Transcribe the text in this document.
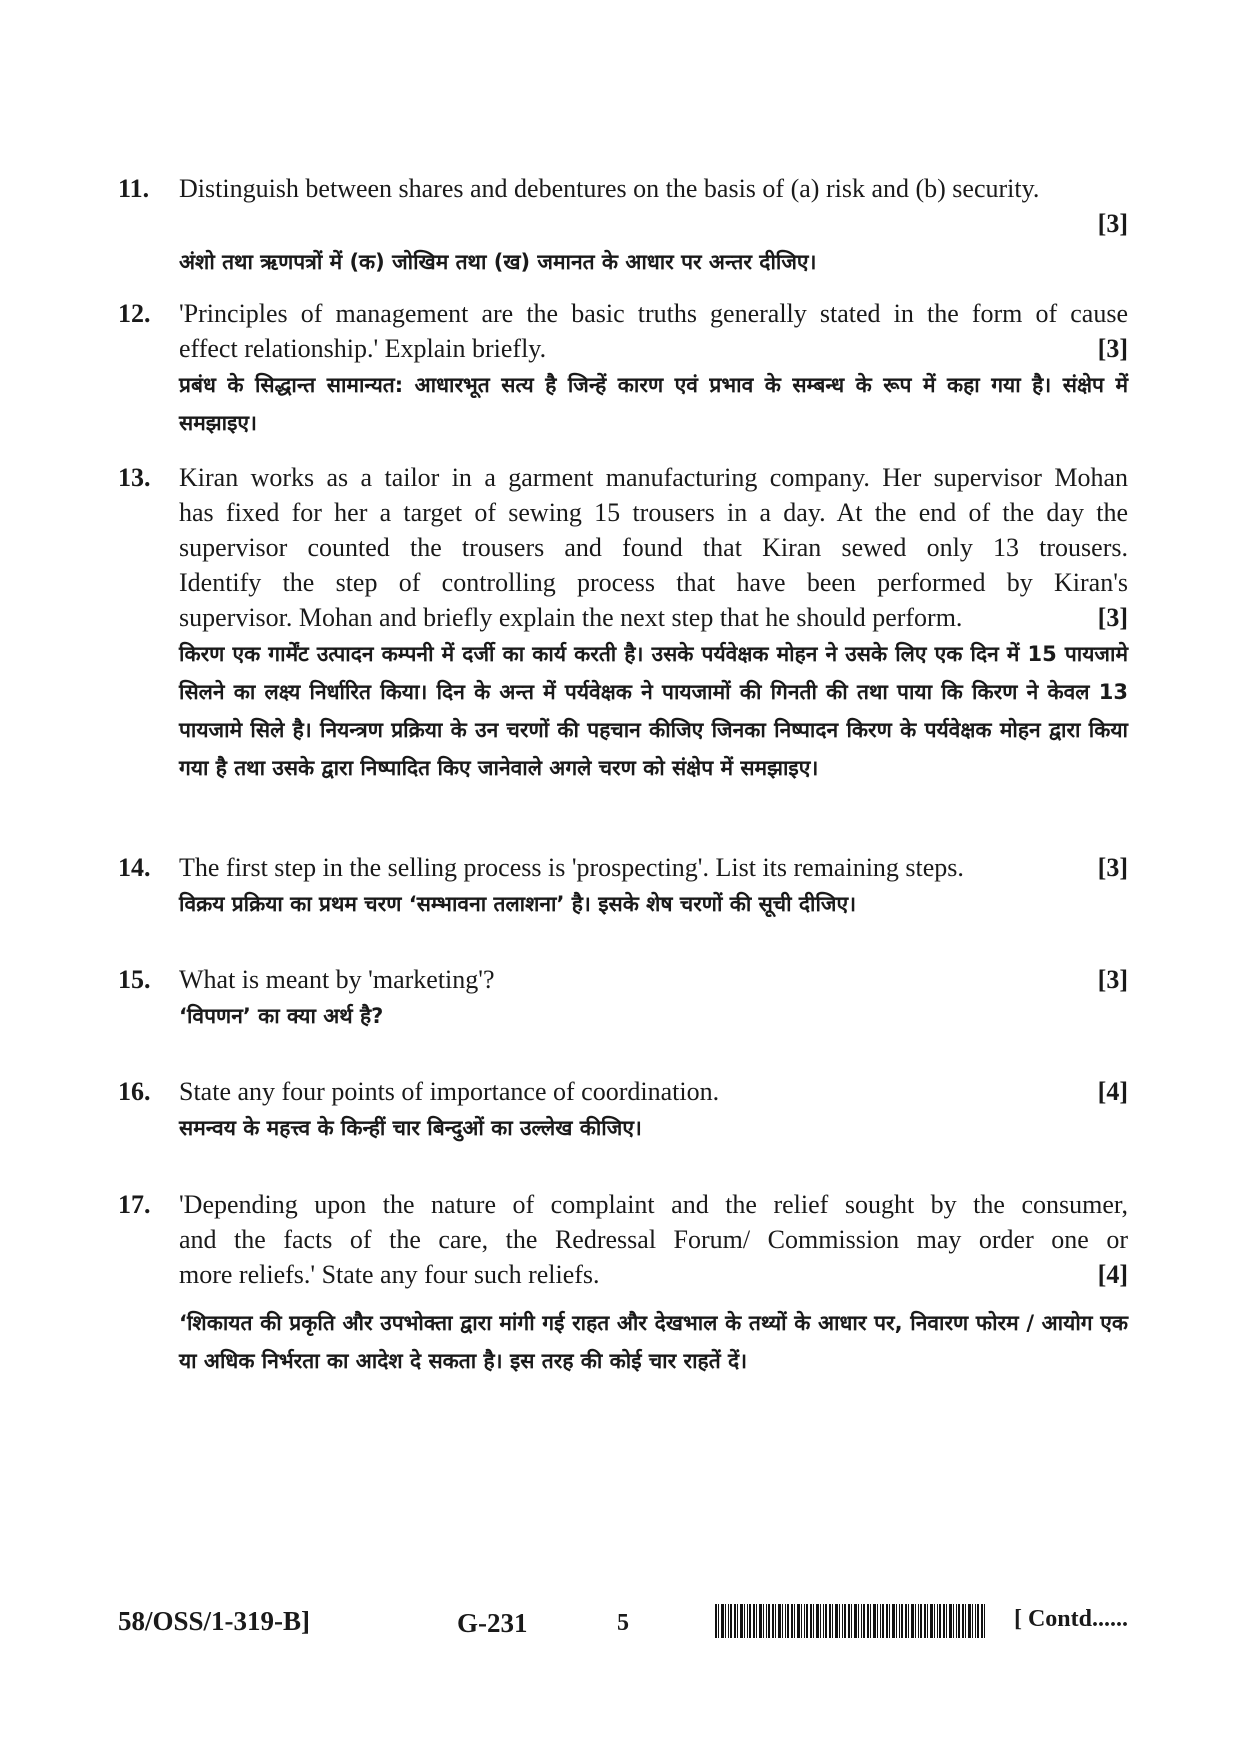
11. Distinguish between shares and debentures on the basis of (a) risk and (b) security.
[3]
अंशो तथा ऋणपत्रों में (क) जोखिम तथा (ख) जमानत के आधार पर अन्तर दीजिए।
12. 'Principles of management are the basic truths generally stated in the form of cause
effect relationship.' Explain briefly.	[3]
प्रबंध के सिद्धान्त सामान्यत: आधारभूत सत्य है जिन्हें कारण एवं प्रभाव के सम्बन्ध के रूप में कहा गया है। संक्षेप में समझाइए।
13. Kiran works as a tailor in a garment manufacturing company. Her supervisor Mohan
has fixed for her a target of sewing 15 trousers in a day. At the end of the day the
supervisor counted the trousers and found that Kiran sewed only 13 trousers.
Identify the step of controlling process that have been performed by Kiran's
supervisor. Mohan and briefly explain the next step that he should perform.	[3]
किरण एक गार्मेंट उत्पादन कम्पनी में दर्जी का कार्य करती है। उसके पर्यवेक्षक मोहन ने उसके लिए एक दिन में 15 पायजामे सिलने का लक्ष्य निर्धारित किया। दिन के अन्त में पर्यवेक्षक ने पायजामों की गिनती की तथा पाया कि किरण ने केवल 13 पायजामे सिले है। नियन्त्रण प्रक्रिया के उन चरणों की पहचान कीजिए जिनका निष्पादन किरण के पर्यवेक्षक मोहन द्वारा किया गया है तथा उसके द्वारा निष्पादित किए जानेवाले अगले चरण को संक्षेप में समझाइए।
14. The first step in the selling process is 'prospecting'. List its remaining steps.	[3]
विक्रय प्रक्रिया का प्रथम चरण ‘सम्भावना तलाशना’ है। इसके शेष चरणों की सूची दीजिए।
15. What is meant by 'marketing'?	[3]
‘विपणन’ का क्या अर्थ है?
16. State any four points of importance of coordination.	[4]
समन्वय के महत्त्व के किन्हीं चार बिन्दुओं का उल्लेख कीजिए।
17. 'Depending upon the nature of complaint and the relief sought by the consumer,
and the facts of the care, the Redressal Forum/ Commission may order one or
more reliefs.' State any four such reliefs.	[4]
‘शिकायत की प्रकृति और उपभोक्ता द्वारा मांगी गई राहत और देखभाल के तथ्यों के आधार पर, निवारण फोरम / आयोग एक या अधिक निर्भरता का आदेश दे सकता है। इस तरह की कोई चार राहतें दें।
58/OSS/1-319-B]	G-231	5	[ Contd......
